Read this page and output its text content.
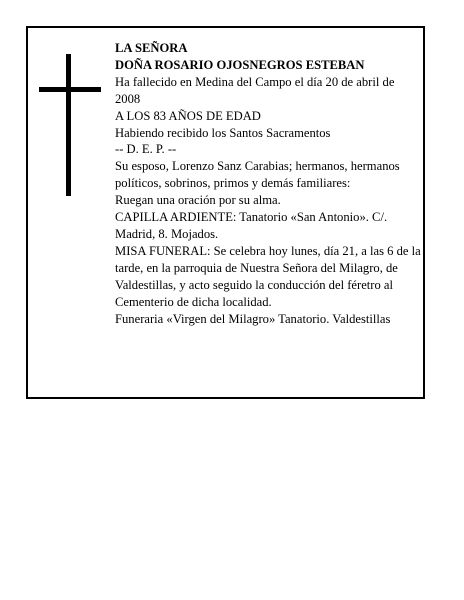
LA SEÑORA
DOÑA ROSARIO OJOSNEGROS ESTEBAN
Ha fallecido en Medina del Campo el día 20 de abril de 2008
A LOS 83 AÑOS DE EDAD
Habiendo recibido los Santos Sacramentos
-- D. E. P. --
Su esposo, Lorenzo Sanz Carabias; hermanos, hermanos políticos, sobrinos, primos y demás familiares:
Ruegan una oración por su alma.
CAPILLA ARDIENTE: Tanatorio «San Antonio». C/. Madrid, 8. Mojados.
MISA FUNERAL: Se celebra hoy lunes, día 21, a las 6 de la tarde, en la parroquia de Nuestra Señora del Milagro, de Valdestillas, y acto seguido la conducción del féretro al Cementerio de dicha localidad.
Funeraria «Virgen del Milagro» Tanatorio. Valdestillas
